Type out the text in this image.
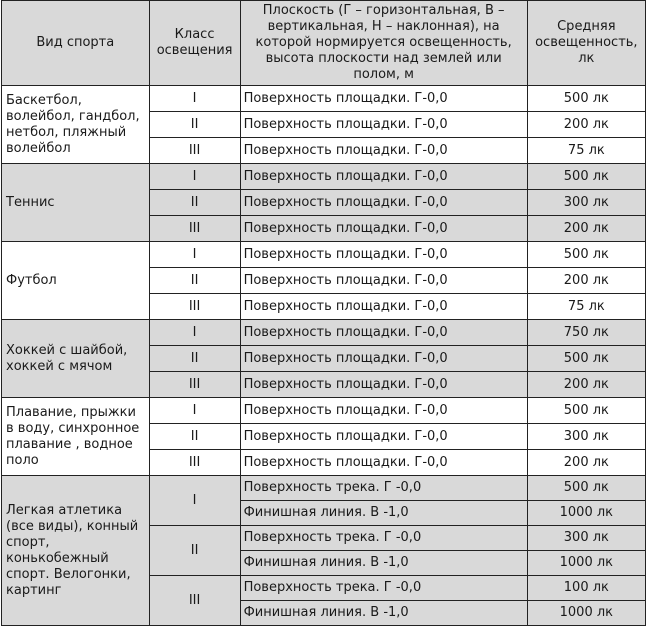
Вид спорта	Класс освещения	Плоскость (Г – горизонтальная, В – вертикальная, Н – наклонная), на которой нормируется освещенность, высота плоскости над землей или полом, м	Средняя освещенность, лк
Баскетбол, волейбол, гандбол, нетбол, пляжный волейбол	I	Поверхность площадки. Г-0,0	500 лк
	II	Поверхность площадки. Г-0,0	200 лк
	III	Поверхность площадки. Г-0,0	75 лк
Теннис	I	Поверхность площадки. Г-0,0	500 лк
	II	Поверхность площадки. Г-0,0	300 лк
	III	Поверхность площадки. Г-0,0	200 лк
Футбол	I	Поверхность площадки. Г-0,0	500 лк
	II	Поверхность площадки. Г-0,0	200 лк
	III	Поверхность площадки. Г-0,0	75 лк
Хоккей с шайбой, хоккей с мячом	I	Поверхность площадки. Г-0,0	750 лк
	II	Поверхность площадки. Г-0,0	500 лк
	III	Поверхность площадки. Г-0,0	200 лк
Плавание, прыжки в воду, синхронное плавание , водное поло	I	Поверхность площадки. Г-0,0	500 лк
	II	Поверхность площадки. Г-0,0	300 лк
	III	Поверхность площадки. Г-0,0	200 лк
Легкая атлетика (все виды), конный спорт, конькобежный спорт. Велогонки, картинг	I	Поверхность трека. Г -0,0	500 лк
		Финишная линия. В -1,0	1000 лк
	II	Поверхность трека. Г -0,0	300 лк
		Финишная линия. В -1,0	1000 лк
	III	Поверхность трека. Г -0,0	100 лк
		Финишная линия. В -1,0	1000 лк
